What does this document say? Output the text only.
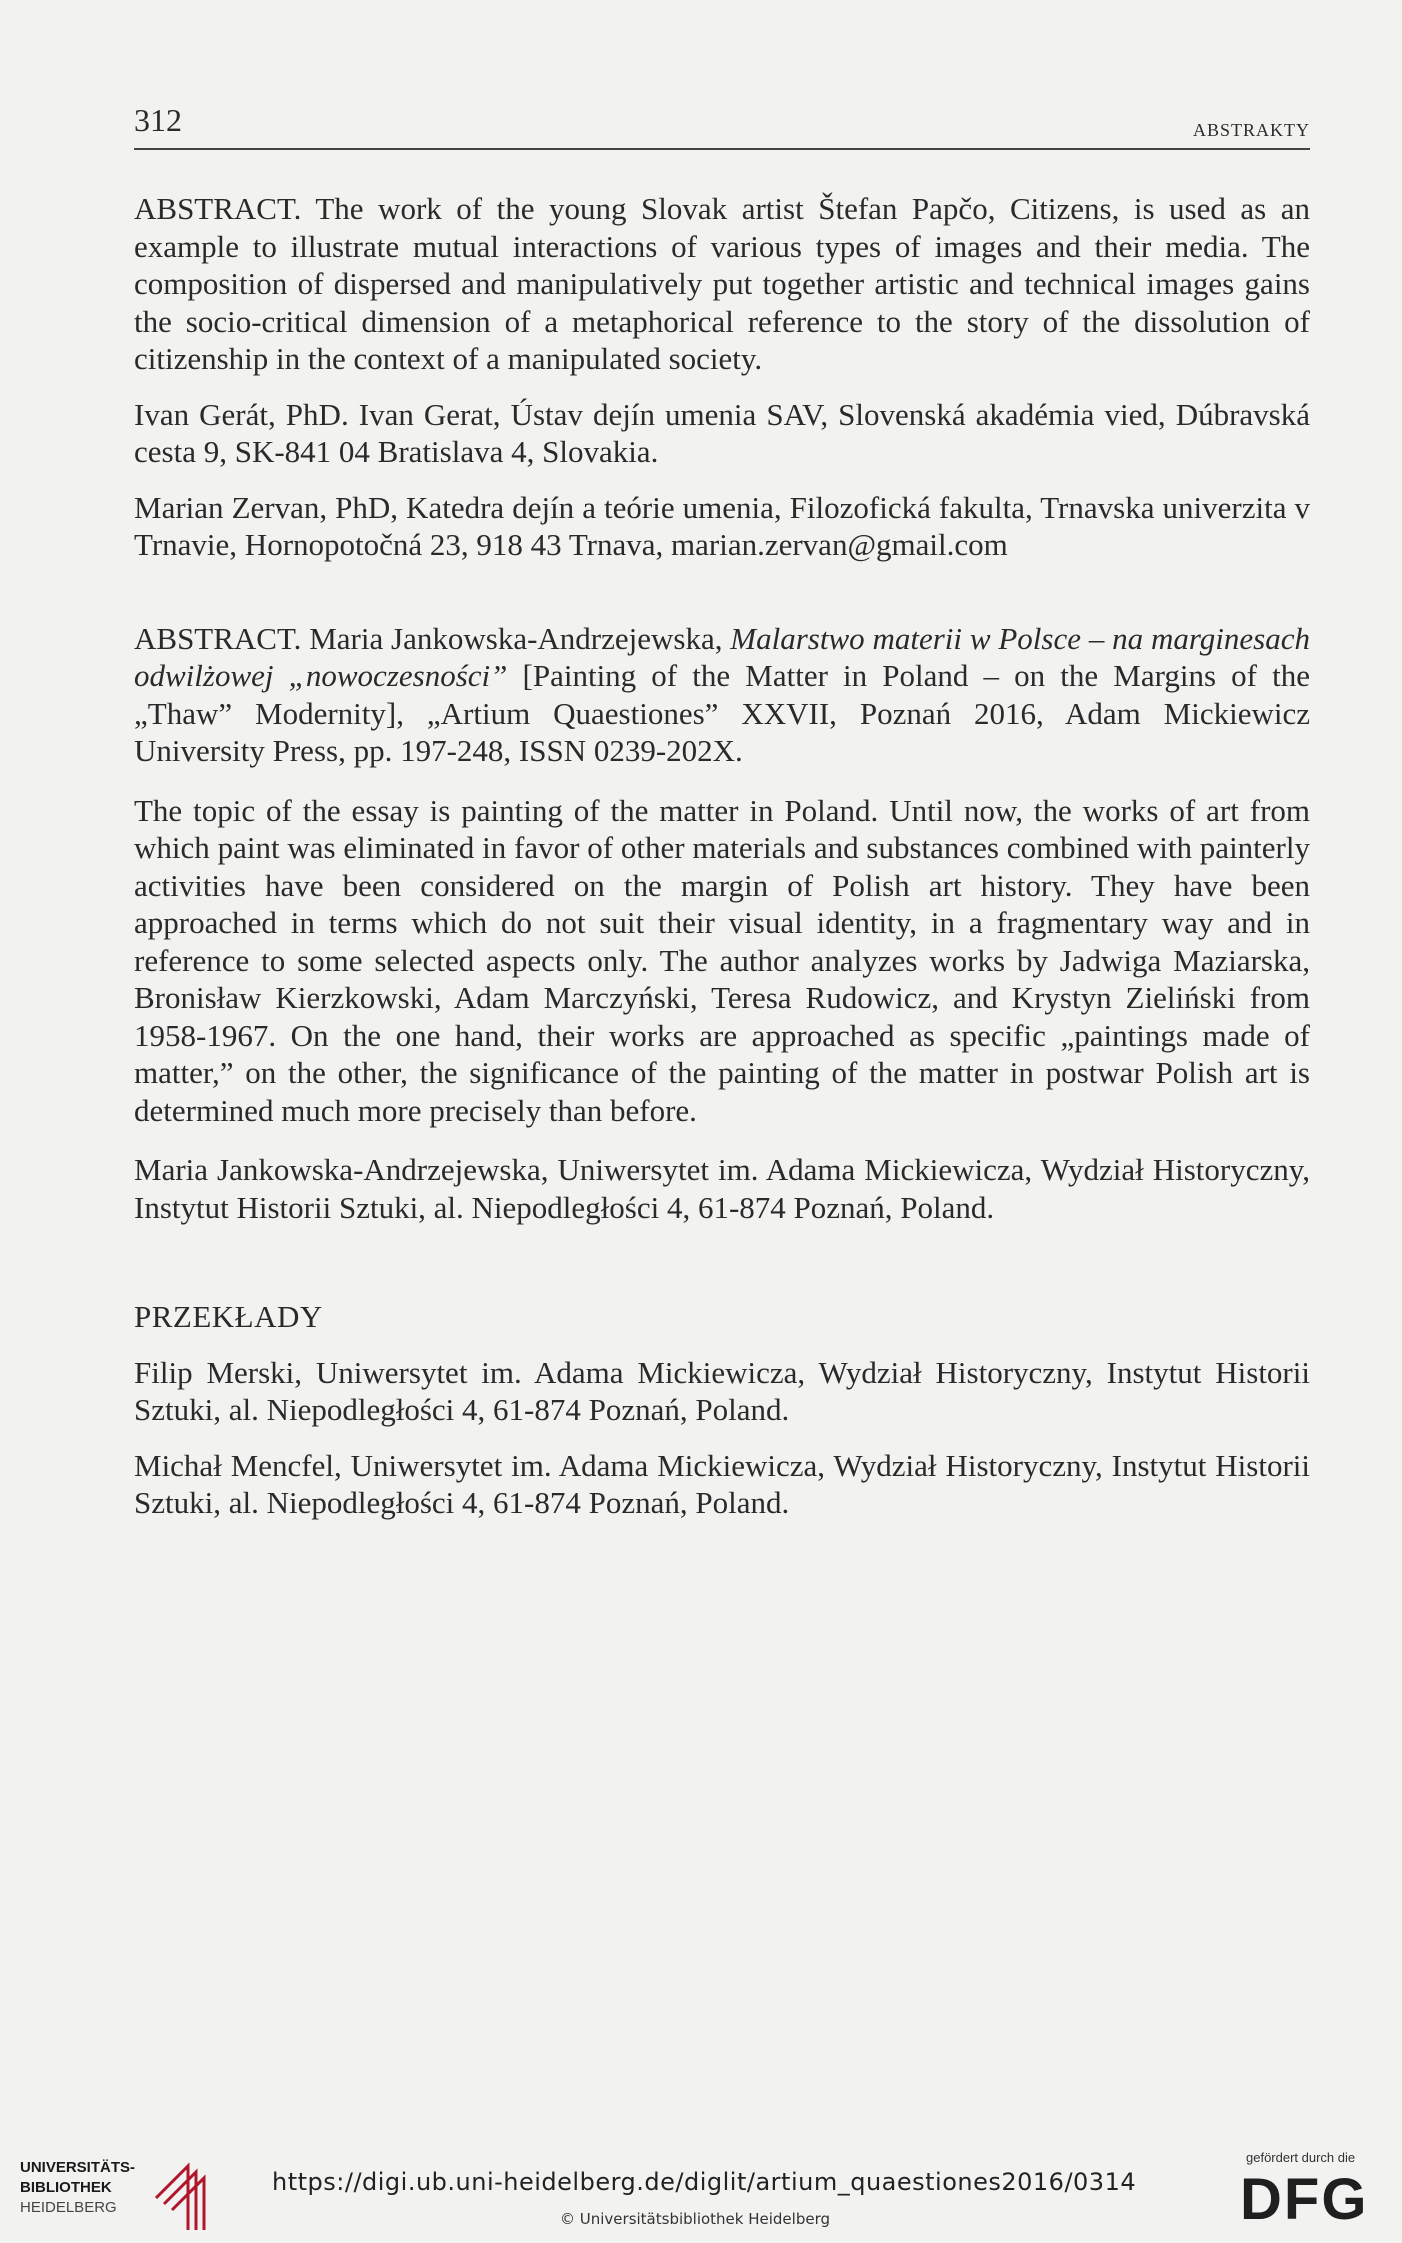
312	ABSTRAKTY

ABSTRACT. The work of the young Slovak artist Štefan Papčo, Citizens, is used as an example to illustrate mutual interactions of various types of images and their media. The composition of dispersed and manipulatively put together artistic and technical images gains the socio-critical dimension of a metaphorical reference to the story of the dissolution of citizenship in the context of a manipulated society.

Ivan Gerát, PhD. Ivan Gerat, Ústav dejín umenia SAV, Slovenská akadémia vied, Dúbravská cesta 9, SK-841 04 Bratislava 4, Slovakia.

Marian Zervan, PhD, Katedra dejín a teórie umenia, Filozofická fakulta, Trnavska univerzita v Trnavie, Hornopotočná 23, 918 43 Trnava, marian.zervan@gmail.com

ABSTRACT. Maria Jankowska-Andrzejewska, Malarstwo materii w Polsce – na marginesach odwilżowej „nowoczesności” [Painting of the Matter in Poland – on the Margins of the „Thaw” Modernity], „Artium Quaestiones” XXVII, Poznań 2016, Adam Mickiewicz University Press, pp. 197-248, ISSN 0239-202X.

The topic of the essay is painting of the matter in Poland. Until now, the works of art from which paint was eliminated in favor of other materials and substances combined with painterly activities have been considered on the margin of Polish art history. They have been approached in terms which do not suit their visual identity, in a fragmentary way and in reference to some selected aspects only. The author analyzes works by Jadwiga Maziarska, Bronisław Kierzkowski, Adam Marczyński, Teresa Rudowicz, and Krystyn Zieliński from 1958-1967. On the one hand, their works are approached as specific „paintings made of matter,” on the other, the significance of the painting of the matter in postwar Polish art is determined much more precisely than before.

Maria Jankowska-Andrzejewska, Uniwersytet im. Adama Mickiewicza, Wydział Historyczny, Instytut Historii Sztuki, al. Niepodległości 4, 61-874 Poznań, Poland.

PRZEKŁADY

Filip Merski, Uniwersytet im. Adama Mickiewicza, Wydział Historyczny, Instytut Historii Sztuki, al. Niepodległości 4, 61-874 Poznań, Poland.

Michał Mencfel, Uniwersytet im. Adama Mickiewicza, Wydział Historyczny, Instytut Historii Sztuki, al. Niepodległości 4, 61-874 Poznań, Poland.

UNIVERSITÄTS-
BIBLIOTHEK
HEIDELBERG
https://digi.ub.uni-heidelberg.de/diglit/artium_quaestiones2016/0314
© Universitätsbibliothek Heidelberg
gefördert durch die
DFG
